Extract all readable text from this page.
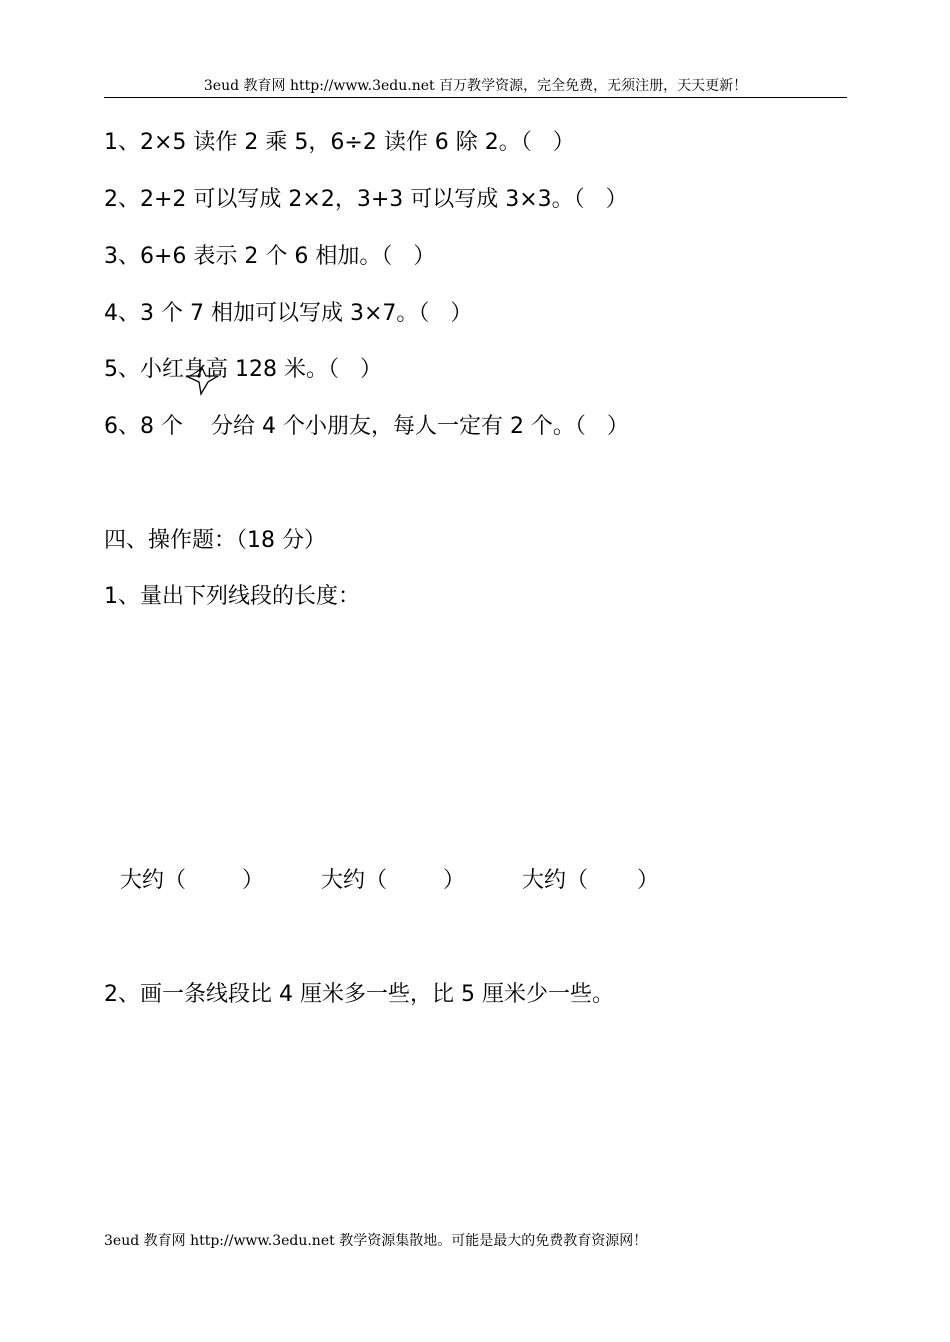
3eud 教育网 http://www.3edu.net 百万教学资源，完全免费，无须注册，天天更新！
1、2×5 读作 2 乘 5，6÷2 读作 6 除 2。（   ）
2、2+2 可以写成 2×2，3+3 可以写成 3×3。（   ）
3、6+6 表示 2 个 6 相加。（   ）
4、3 个 7 相加可以写成 3×7。（   ）
5、小红身高 128 米。（   ）
6、8 个    分给 4 个小朋友，每人一定有 2 个。（   ）
四、操作题：（18 分）
1、量出下列线段的长度：
大约（        ）	大约（        ）	大约（       ）
2、画一条线段比 4 厘米多一些，比 5 厘米少一些。
3eud 教育网 http://www.3edu.net 教学资源集散地。可能是最大的免费教育资源网！
